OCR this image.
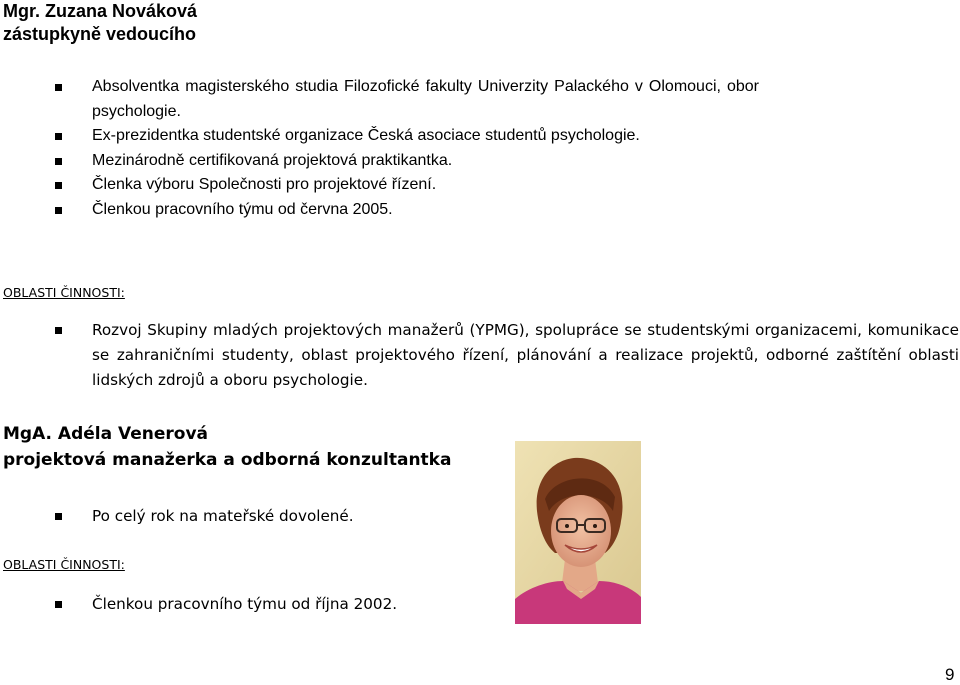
Mgr. Zuzana Nováková
zástupkyně vedoucího
Absolventka magisterského studia Filozofické fakulty Univerzity Palackého v Olomouci, obor psychologie.
Ex-prezidentka studentské organizace Česká asociace studentů psychologie.
Mezinárodně certifikovaná projektová praktikantka.
Členka výboru Společnosti pro projektové řízení.
Členkou pracovního týmu od června 2005.
OBLASTI ČINNOSTI:
Rozvoj Skupiny mladých projektových manažerů (YPMG), spolupráce se studentskými organizacemi, komunikace se zahraničními studenty, oblast projektového řízení, plánování a realizace projektů, odborné zaštítění oblasti lidských zdrojů a oboru psychologie.
MgA. Adéla Venerová
projektová manažerka a odborná konzultantka
Po celý rok na mateřské dovolené.
OBLASTI ČINNOSTI:
Členkou pracovního týmu od října 2002.
9
